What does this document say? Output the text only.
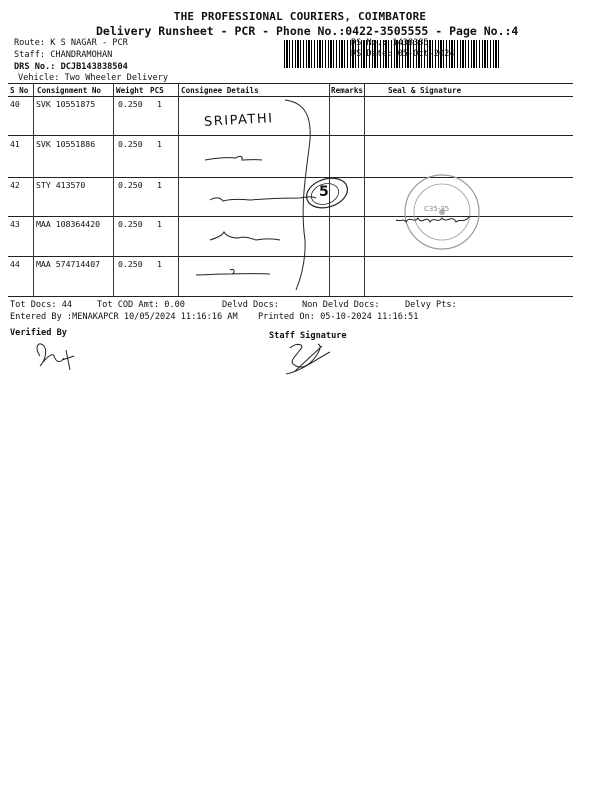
THE PROFESSIONAL COURIERS, COIMBATORE
Delivery Runsheet - PCR - Phone No.:0422-3505555 - Page No.:4
Route: K S NAGAR - PCR
Staff: CHANDRAMOHAN
DRS No.: DCJB143838504
Vehicle: Two Wheeler Delivery
RS No.: 1438385
RS Date: 05-Oct-2024
S No Consignment No Weight PCS Consignee Details	Remarks	Seal & Signature
40 SVK 10551875	0.250 1
41 SVK 10551886	0.250 1
42 STY 413570	0.250 1
43 MAA 108364420 0.250 1
44 MAA 574714407 0.250 1
SRIPATHI
C35-35
5
Tot Docs: 44	Tot COD Amt: 0.00	Delvd Docs:	Non Delvd Docs:	Delvy Pts:
Entered By :MENAKAPCR 10/05/2024 11:16:16 AM Printed On: 05-10-2024 11:16:51
Verified By	Staff Signature
